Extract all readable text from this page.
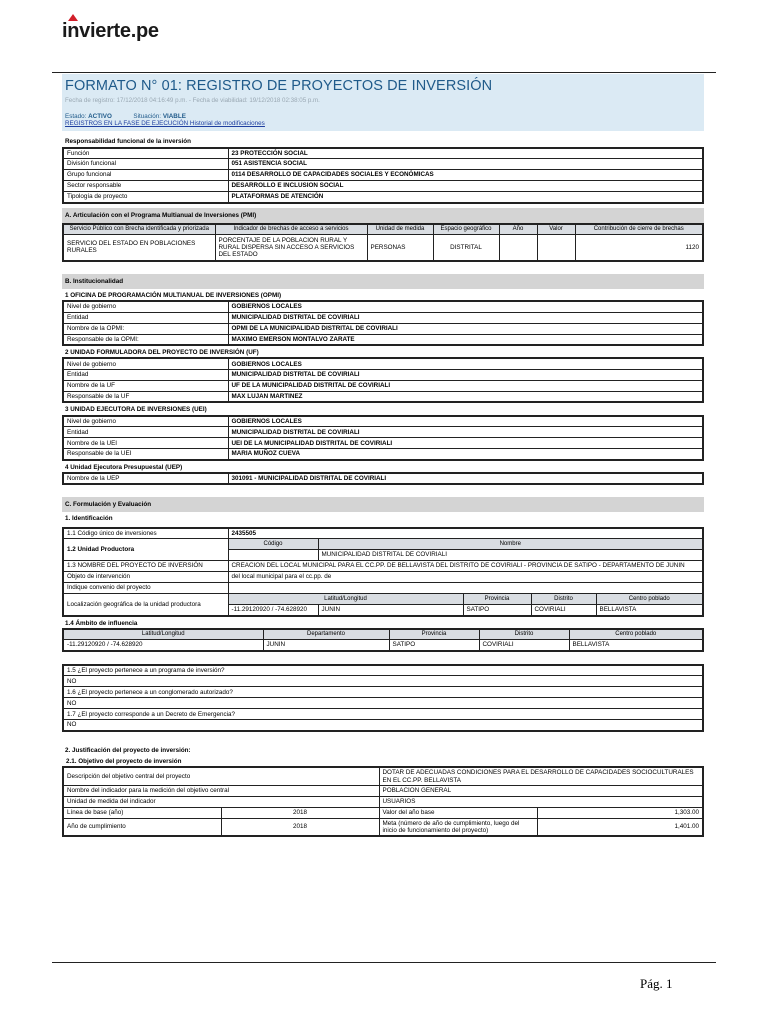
invierte.pe
FORMATO N° 01: REGISTRO DE PROYECTOS DE INVERSIÓN
Fecha de registro: 17/12/2018 04:16:49 p.m. - Fecha de viabilidad: 19/12/2018 02:38:05 p.m.
Estado: ACTIVO	Situación: VIABLE
REGISTROS EN LA FASE DE EJECUCIÓN Historial de modificaciones
Responsabilidad funcional de la inversión
Función	23 PROTECCIÓN SOCIAL
División funcional	051 ASISTENCIA SOCIAL
Grupo funcional	0114 DESARROLLO DE CAPACIDADES SOCIALES Y ECONÓMICAS
Sector responsable	DESARROLLO E INCLUSION SOCIAL
Tipología de proyecto	PLATAFORMAS DE ATENCIÓN
A. Articulación con el Programa Multianual de Inversiones (PMI)
Servicio Público con Brecha identificada y priorizada	Indicador de brechas de acceso a servicios	Unidad de medida	Espacio geográfico	Año	Valor	Contribución de cierre de brechas
SERVICIO DEL ESTADO EN POBLACIONES RURALES	PORCENTAJE DE LA POBLACION RURAL Y RURAL DISPERSA SIN ACCESO A SERVICIOS DEL ESTADO	PERSONAS	DISTRITAL			1120
B. Institucionalidad
1 OFICINA DE PROGRAMACIÓN MULTIANUAL DE INVERSIONES (OPMI)
Nivel de gobierno	GOBIERNOS LOCALES
Entidad	MUNICIPALIDAD DISTRITAL DE COVIRIALI
Nombre de la OPMI:	OPMI DE LA MUNICIPALIDAD DISTRITAL DE COVIRIALI
Responsable de la OPMI:	MAXIMO EMERSON MONTALVO ZARATE
2 UNIDAD FORMULADORA DEL PROYECTO DE INVERSIÓN (UF)
Nivel de gobierno	GOBIERNOS LOCALES
Entidad	MUNICIPALIDAD DISTRITAL DE COVIRIALI
Nombre de la UF	UF DE LA MUNICIPALIDAD DISTRITAL DE COVIRIALI
Responsable de la UF	MAX LUJAN MARTINEZ
3 UNIDAD EJECUTORA DE INVERSIONES (UEI)
Nivel de gobierno	GOBIERNOS LOCALES
Entidad	MUNICIPALIDAD DISTRITAL DE COVIRIALI
Nombre de la UEI	UEI DE LA MUNICIPALIDAD DISTRITAL DE COVIRIALI
Responsable de la UEI	MARIA MUÑOZ CUEVA
4 Unidad Ejecutora Presupuestal (UEP)
Nombre de la UEP	301091 - MUNICIPALIDAD DISTRITAL DE COVIRIALI
C. Formulación y Evaluación
1. Identificación
1.1 Código único de inversiones	2435505				
1.2 Unidad Productora	Código	Nombre			
		MUNICIPALIDAD DISTRITAL DE COVIRIALI			
1.3 NOMBRE DEL PROYECTO DE INVERSIÓN	CREACION DEL LOCAL MUNICIPAL PARA EL CC.PP. DE BELLAVISTA DEL DISTRITO DE COVIRIALI - PROVINCIA DE SATIPO - DEPARTAMENTO DE JUNIN				
Objeto de intervención	del local municipal para el cc.pp. de				
Indique convenio del proyecto					
Localización geográfica de la unidad productora	Latitud/Longitud		Provincia	Distrito	Centro poblado
	-11.29120920 / -74.628920	JUNIN	SATIPO	COVIRIALI	BELLAVISTA
1.4 Ámbito de influencia
Latitud/Longitud	Departamento	Provincia	Distrito	Centro poblado
-11.29120920 / -74.628920	JUNIN	SATIPO	COVIRIALI	BELLAVISTA
1.5 ¿El proyecto pertenece a un programa de inversión?
NO
1.6 ¿El proyecto pertenece a un conglomerado autorizado?
NO
1.7 ¿El proyecto corresponde a un Decreto de Emergencia?
NO
2. Justificación del proyecto de inversión:
2.1. Objetivo del proyecto de inversión
Descripción del objetivo central del proyecto		DOTAR DE ADECUADAS CONDICIONES PARA EL DESARROLLO DE CAPACIDADES SOCIOCULTURALES EN EL CC.PP. BELLAVISTA	
Nombre del indicador para la medición del objetivo central		POBLACION GENERAL	
Unidad de medida del indicador		USUARIOS	
Línea de base (año)	2018	Valor del año base	1,303.00
Año de cumplimiento	2018	Meta (número de año de cumplimiento, luego del inicio de funcionamiento del proyecto)	1,401.00
Pág. 1
